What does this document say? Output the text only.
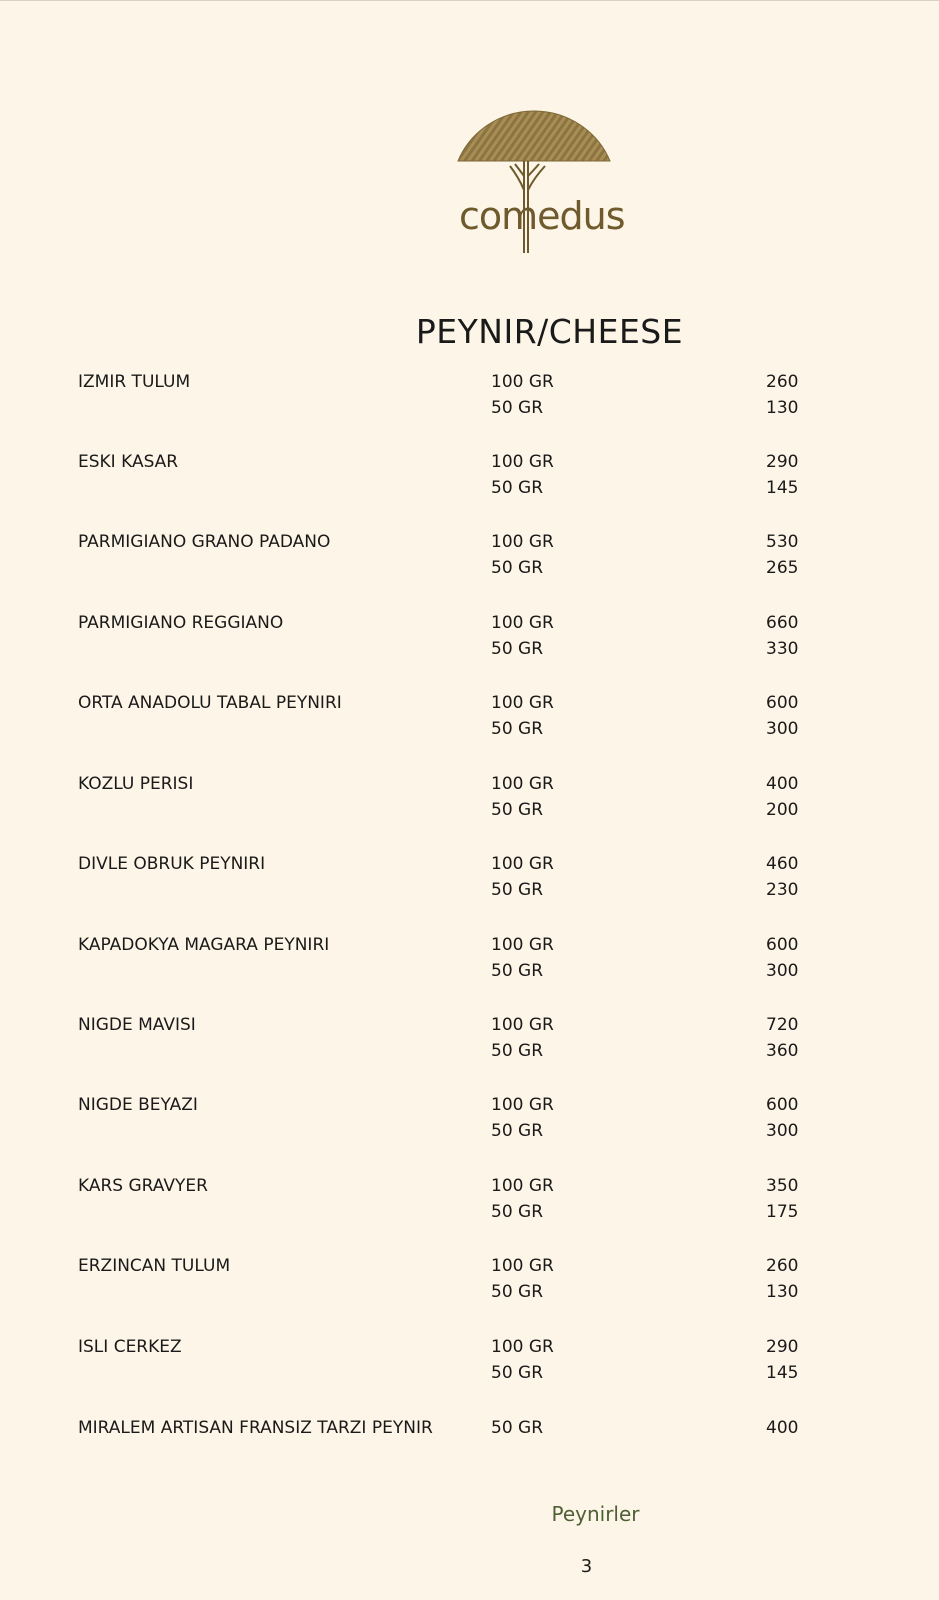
comedus
PEYNIR/CHEESE
IZMIR TULUM	100 GR	260
50 GR	130
ESKI KASAR	100 GR	290
50 GR	145
PARMIGIANO GRANO PADANO	100 GR	530
50 GR	265
PARMIGIANO REGGIANO	100 GR	660
50 GR	330
ORTA ANADOLU TABAL PEYNIRI	100 GR	600
50 GR	300
KOZLU PERISI	100 GR	400
50 GR	200
DIVLE OBRUK PEYNIRI	100 GR	460
50 GR	230
KAPADOKYA MAGARA PEYNIRI	100 GR	600
50 GR	300
NIGDE MAVISI	100 GR	720
50 GR	360
NIGDE BEYAZI	100 GR	600
50 GR	300
KARS GRAVYER	100 GR	350
50 GR	175
ERZINCAN TULUM	100 GR	260
50 GR	130
ISLI CERKEZ	100 GR	290
50 GR	145
MIRALEM ARTISAN FRANSIZ TARZI PEYNIR	50 GR	400
Peynirler
3
